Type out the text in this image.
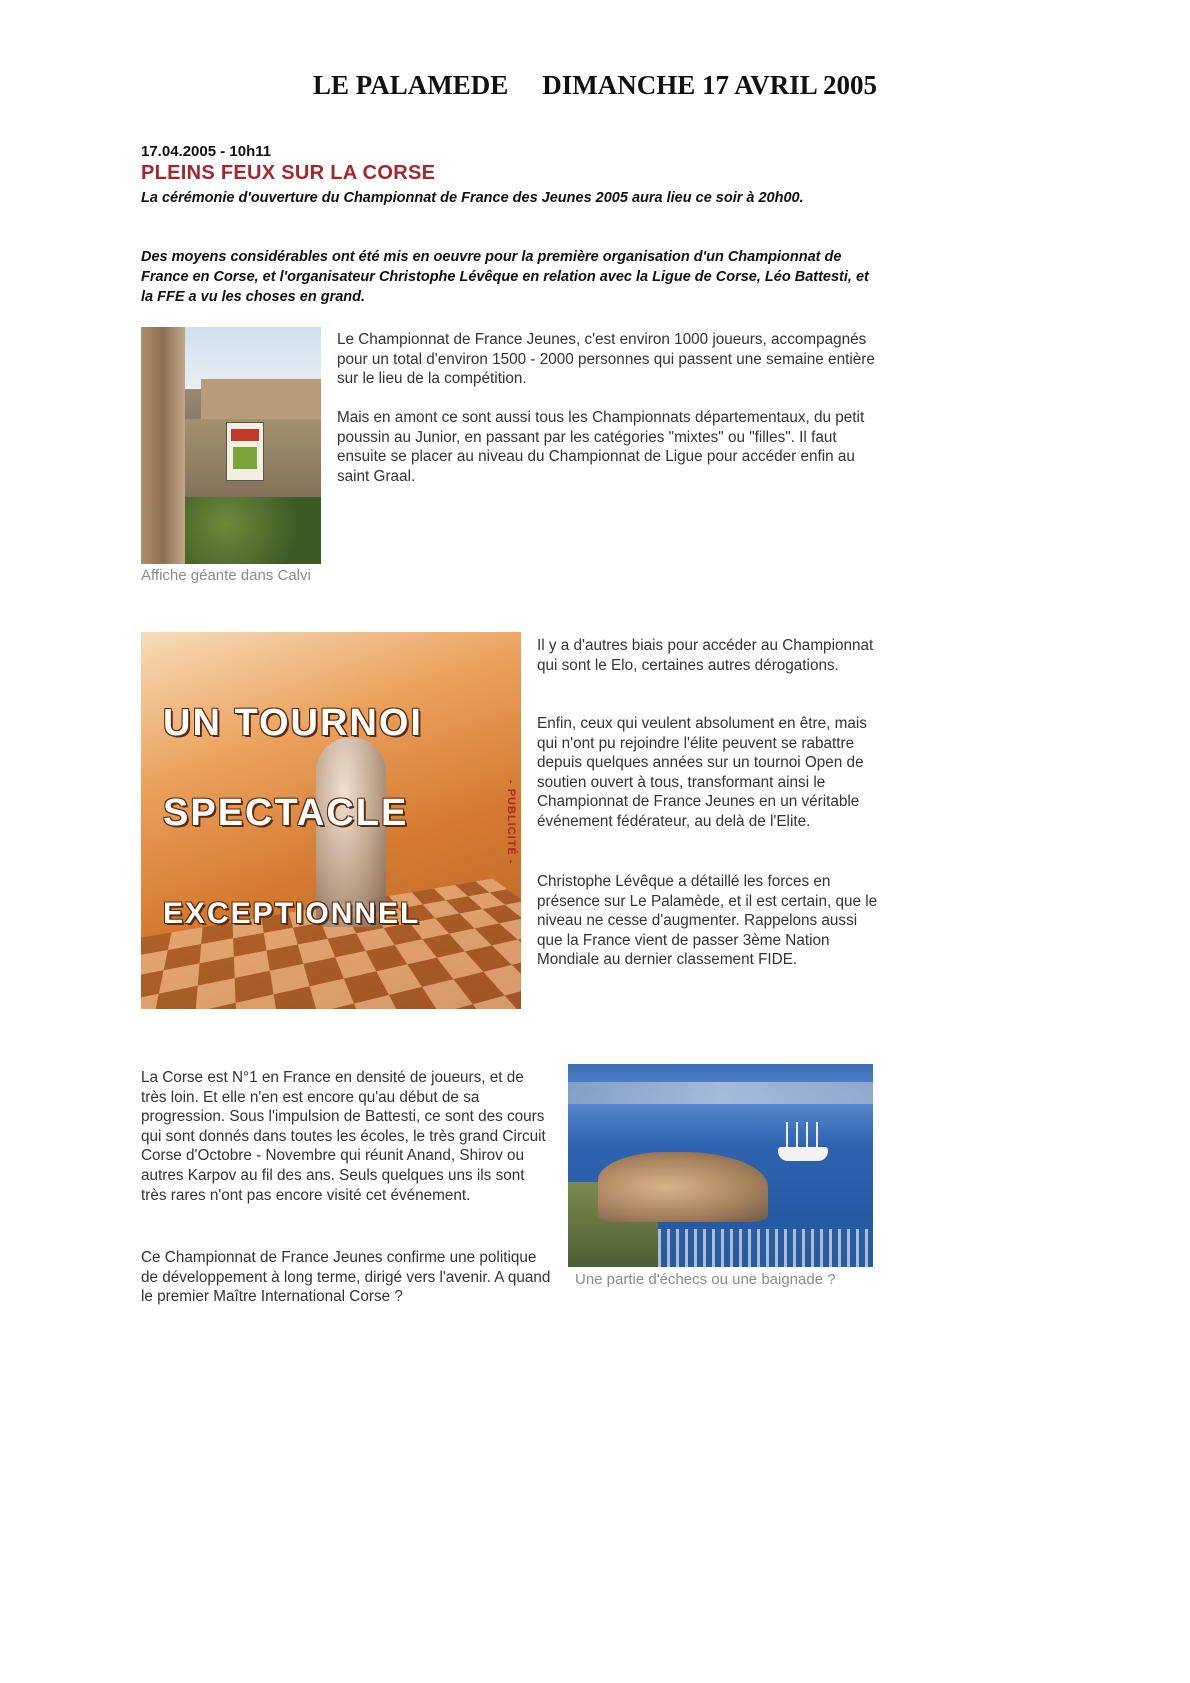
LE PALAMEDE DIMANCHE 17 AVRIL 2005
17.04.2005 - 10h11
PLEINS FEUX SUR LA CORSE
La cérémonie d'ouverture du Championnat de France des Jeunes 2005 aura lieu ce soir à 20h00.
Des moyens considérables ont été mis en oeuvre pour la première organisation d'un Championnat de France en Corse, et l'organisateur Christophe Lévêque en relation avec la Ligue de Corse, Léo Battesti, et la FFE a vu les choses en grand.
Affiche géante dans Calvi
Le Championnat de France Jeunes, c'est environ 1000 joueurs, accompagnés pour un total d'environ 1500 - 2000 personnes qui passent une semaine entière sur le lieu de la compétition.
Mais en amont ce sont aussi tous les Championnats départementaux, du petit poussin au Junior, en passant par les catégories "mixtes" ou "filles". Il faut ensuite se placer au niveau du Championnat de Ligue pour accéder enfin au saint Graal.
UN TOURNOI
SPECTACLE
EXCEPTIONNEL
- PUBLICITÉ -
Il y a d'autres biais pour accéder au Championnat qui sont le Elo, certaines autres dérogations.
Enfin, ceux qui veulent absolument en être, mais qui n'ont pu rejoindre l'élite peuvent se rabattre depuis quelques années sur un tournoi Open de soutien ouvert à tous, transformant ainsi le Championnat de France Jeunes en un véritable événement fédérateur, au delà de l'Elite.
Christophe Lévêque a détaillé les forces en présence sur Le Palamède, et il est certain, que le niveau ne cesse d'augmenter. Rappelons aussi que la France vient de passer 3ème Nation Mondiale au dernier classement FIDE.
La Corse est N°1 en France en densité de joueurs, et de très loin. Et elle n'en est encore qu'au début de sa progression. Sous l'impulsion de Battesti, ce sont des cours qui sont donnés dans toutes les écoles, le très grand Circuit Corse d'Octobre - Novembre qui réunit Anand, Shirov ou autres Karpov au fil des ans. Seuls quelques uns ils sont très rares n'ont pas encore visité cet événement.
Ce Championnat de France Jeunes confirme une politique de développement à long terme, dirigé vers l'avenir. A quand le premier Maître International Corse ?
Une partie d'échecs ou une baignade ?
